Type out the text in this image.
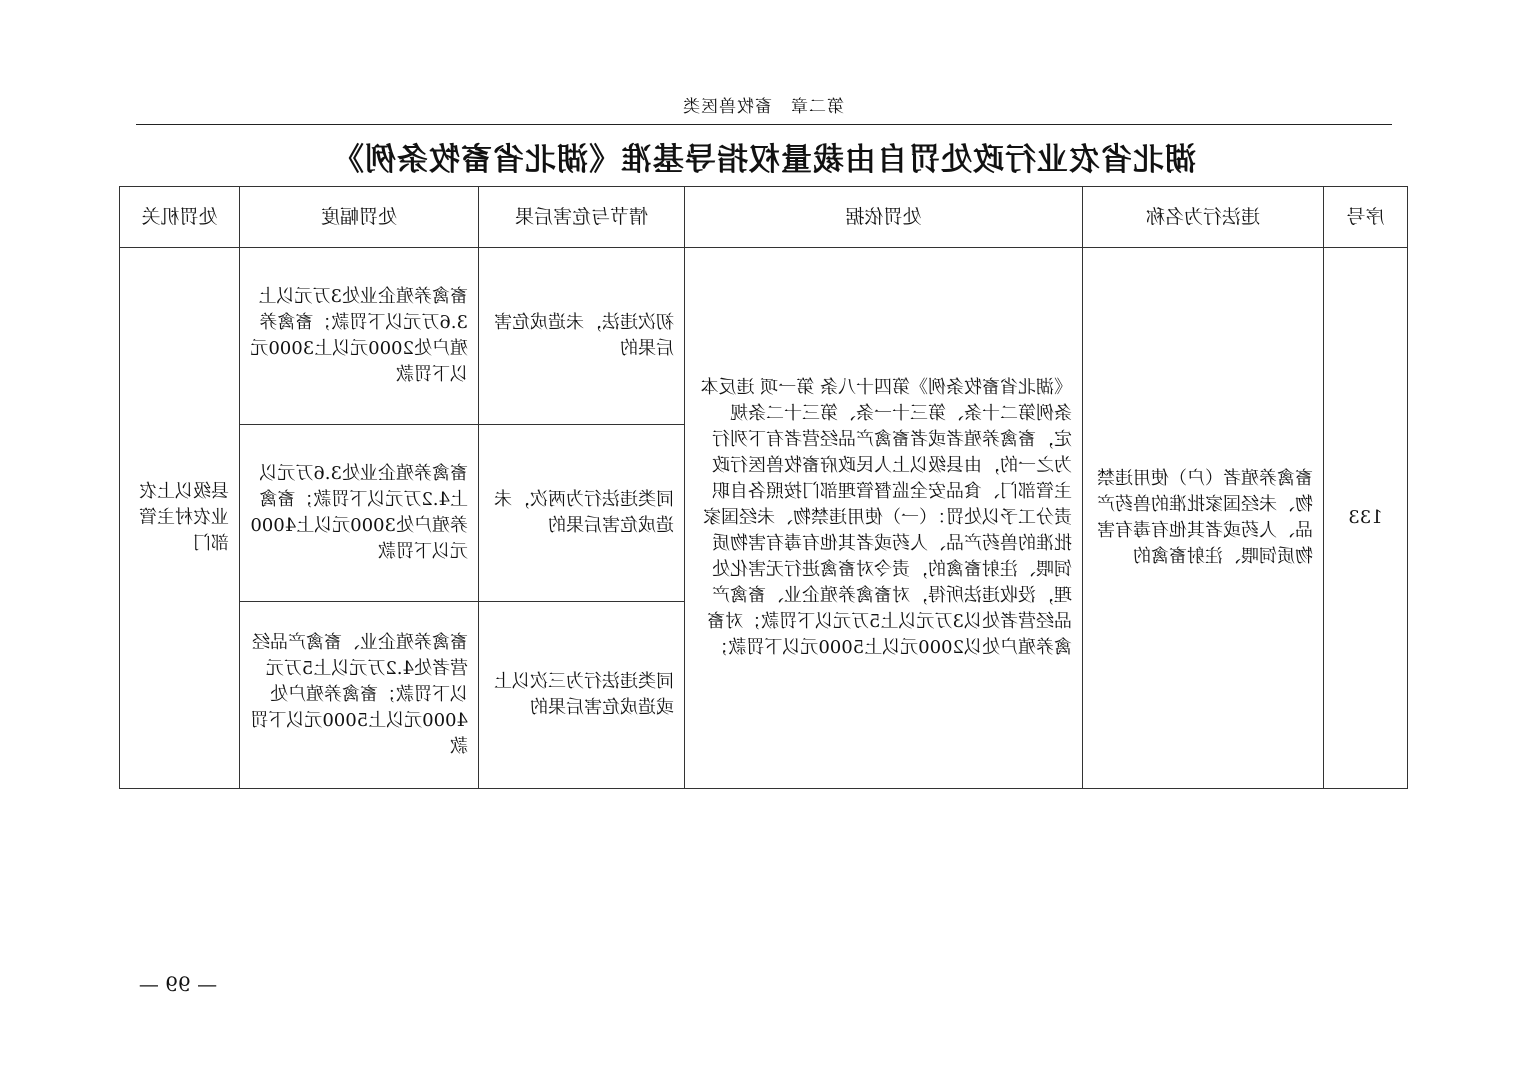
第二章　畜牧兽医类
湖北省农业行政处罚自由裁量权指导基准《湖北省畜牧条例》
序号	违法行为名称	处罚依据	情节与危害后果	处罚幅度	处罚机关
133	畜禽养殖者（户）使用违禁物、未经国家批准的兽药产品、人药或者其他有毒有害物质饲喂、注射畜禽的	《湖北省畜牧条例》第四十八条 第一项 违反本条例第二十条、第三十一条、第三十二条规定，畜禽养殖者或者畜禽产品经营者有下列行为之一的，由县级以上人民政府畜牧兽医行政主管部门、食品安全监督管理部门按照各自职责分工予以处罚：（一）使用违禁物、未经国家批准的兽药产品、人药或者其他有毒有害物质饲喂、注射畜禽的，责令对畜禽进行无害化处理，没收违法所得，对畜禽养殖企业、畜禽产品经营者处以3万元以上5万元以下罚款；对畜禽养殖户处以2000元以上5000元以下罚款；	初次违法，未造成危害后果的	畜禽养殖企业处3万元以上3.6万元以下罚款；畜禽养殖户处2000元以上3000元以下罚款	县级以上农业农村主管部门
			同类违法行为两次，未造成危害后果的	畜禽养殖企业处3.6万元以上4.2万元以下罚款；畜禽养殖户处3000元以上4000元以下罚款	
			同类违法行为三次以上或造成危害后果的	畜禽养殖企业、畜禽产品经营者处4.2万元以上5万元以下罚款；畜禽养殖户处4000元以上5000元以下罚款	
— 99 —
